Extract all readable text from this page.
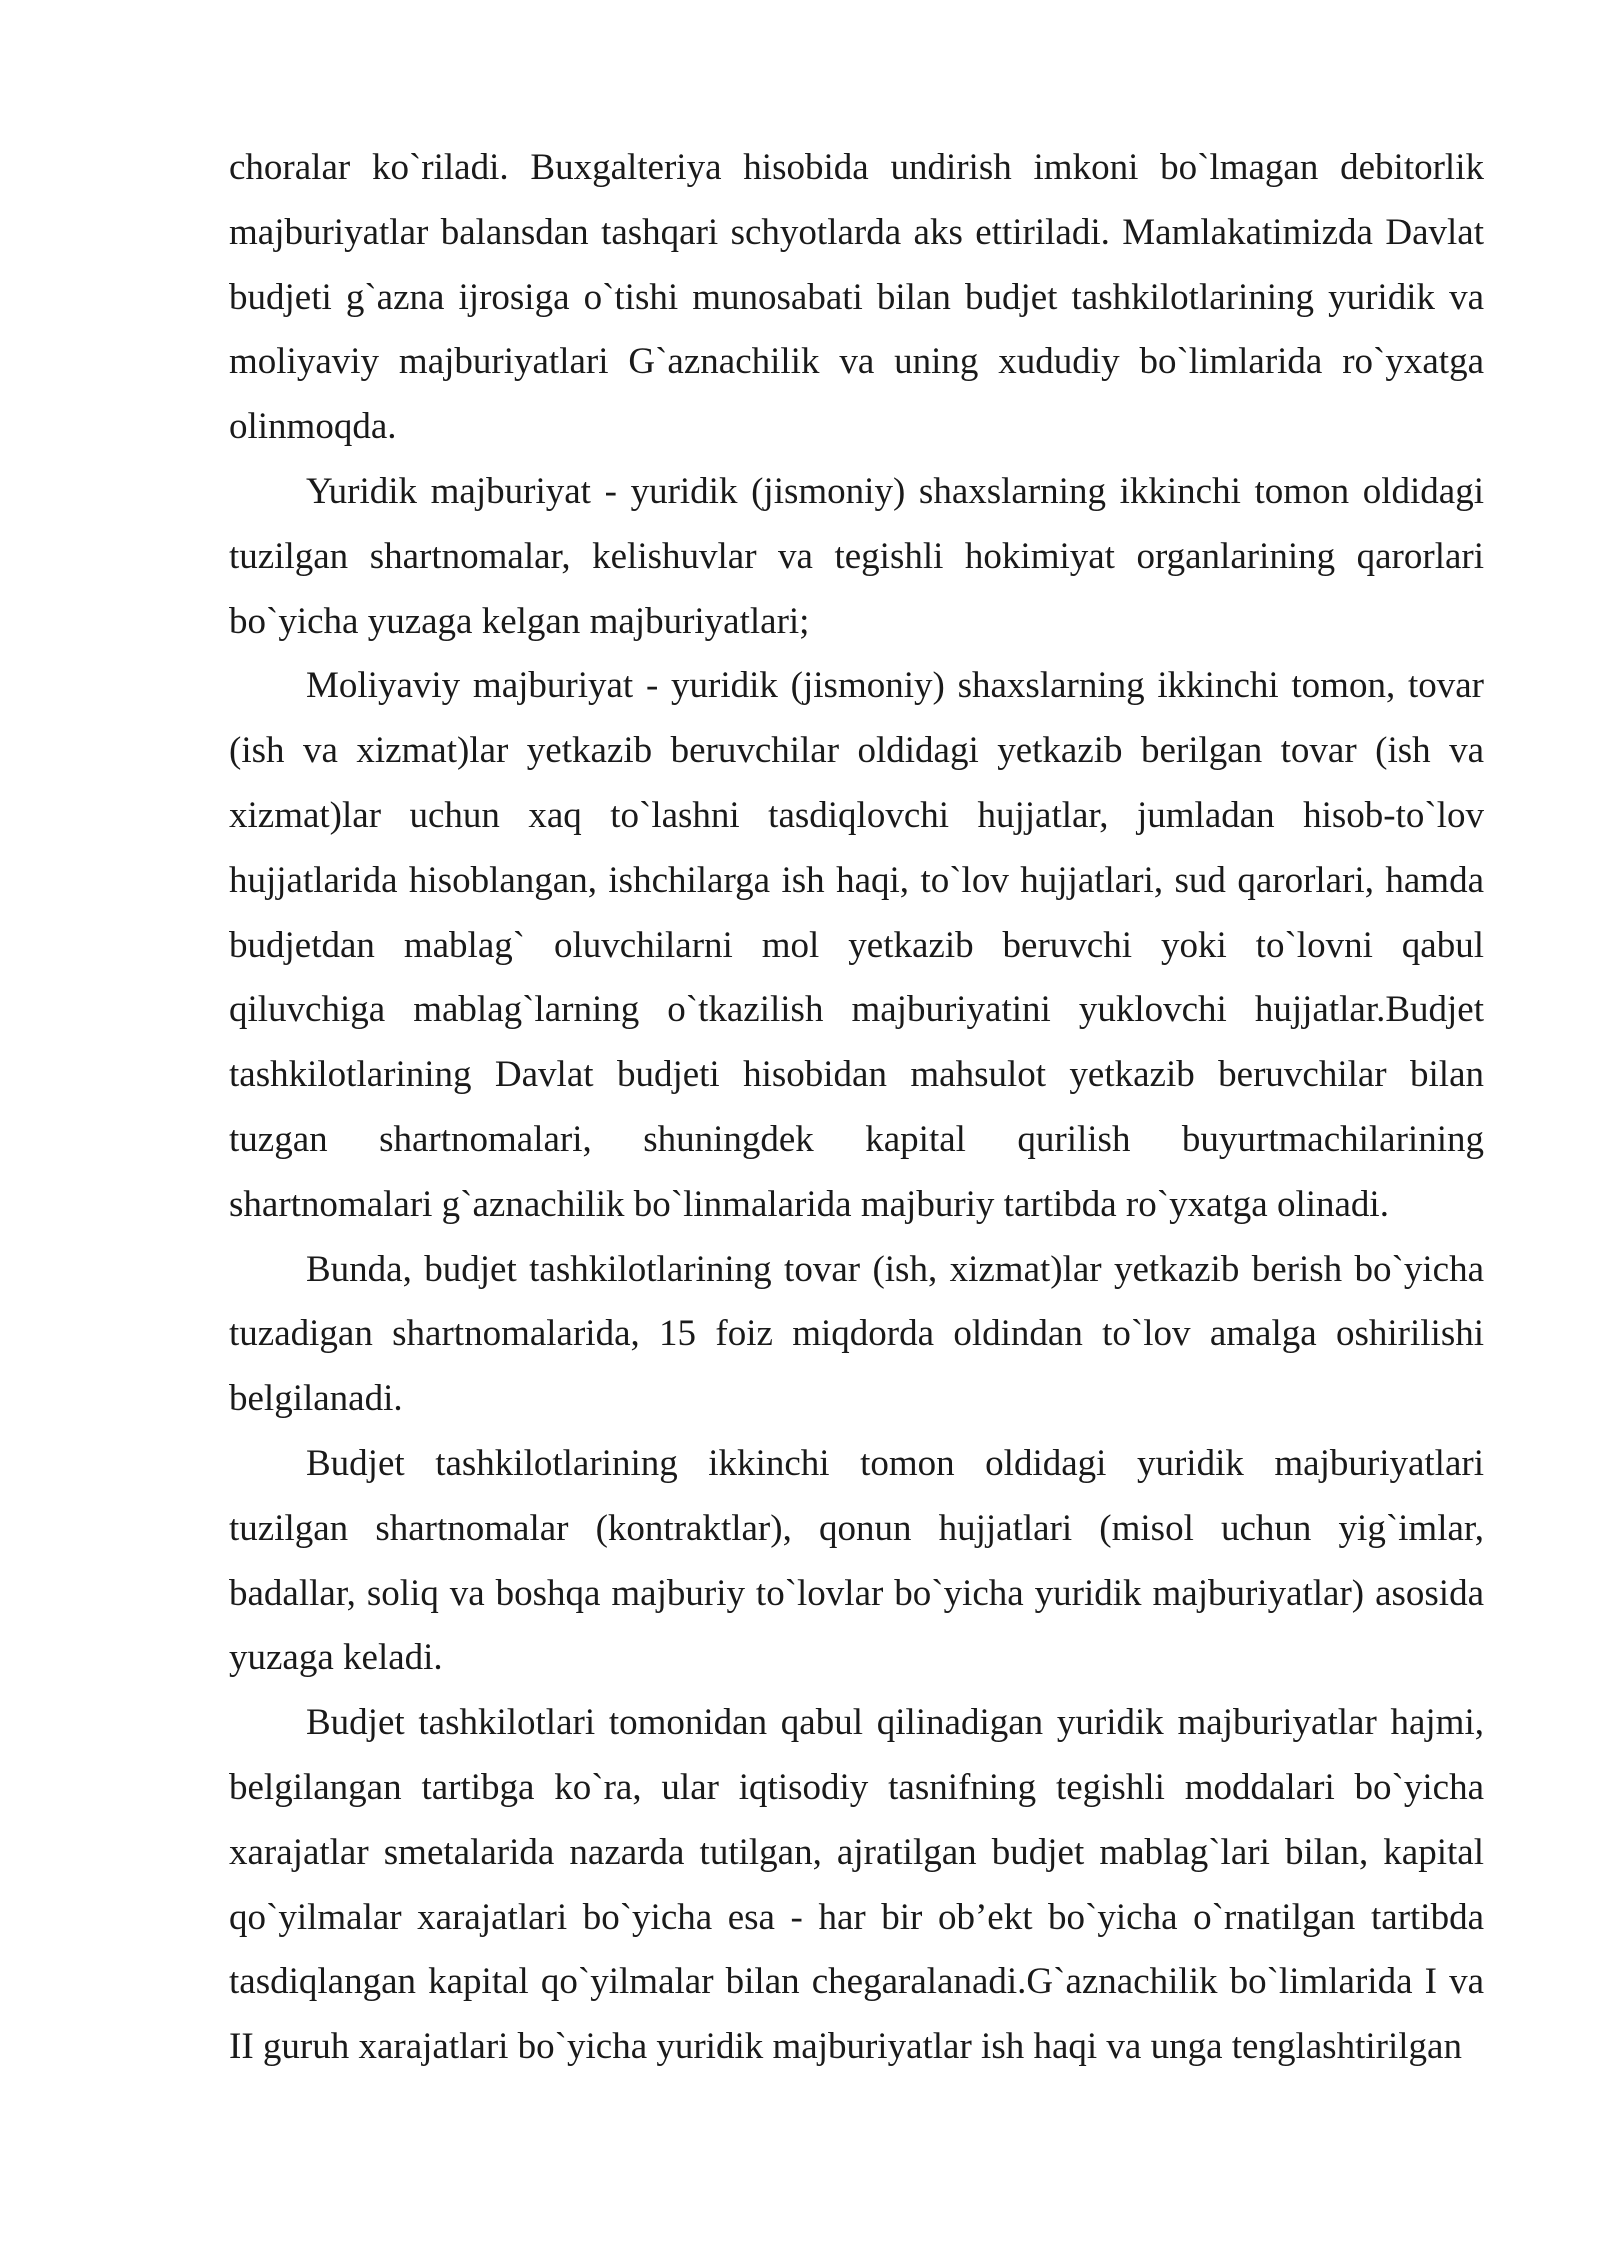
choralar ko`riladi. Buxgalteriya hisobida undirish imkoni bo`lmagan debitorlik majburiyatlar balansdan tashqari schyotlarda aks ettiriladi. Mamlakatimizda Davlat budjeti g`azna ijrosiga o`tishi munosabati bilan budjet tashkilotlarining yuridik va moliyaviy majburiyatlari G`aznachilik va uning xududiy bo`limlarida ro`yxatga olinmoqda.

Yuridik majburiyat - yuridik (jismoniy) shaxslarning ikkinchi tomon oldidagi tuzilgan shartnomalar, kelishuvlar va tegishli hokimiyat organlarining qarorlari bo`yicha yuzaga kelgan majburiyatlari;

Moliyaviy majburiyat - yuridik (jismoniy) shaxslarning ikkinchi tomon, tovar (ish va xizmat)lar yetkazib beruvchilar oldidagi yetkazib berilgan tovar (ish va xizmat)lar uchun xaq to`lashni tasdiqlovchi hujjatlar, jumladan hisob-to`lov hujjatlarida hisoblangan, ishchilarga ish haqi, to`lov hujjatlari, sud qarorlari, hamda budjetdan mablag` oluvchilarni mol yetkazib beruvchi yoki to`lovni qabul qiluvchiga mablag`larning o`tkazilish majburiyatini yuklovchi hujjatlar.Budjet tashkilotlarining Davlat budjeti hisobidan mahsulot yetkazib beruvchilar bilan tuzgan shartnomalari, shuningdek kapital qurilish buyurtmachilarining shartnomalari g`aznachilik bo`linmalarida majburiy tartibda ro`yxatga olinadi.

Bunda, budjet tashkilotlarining tovar (ish, xizmat)lar yetkazib berish bo`yicha tuzadigan shartnomalarida, 15 foiz miqdorda oldindan to`lov amalga oshirilishi belgilanadi.

Budjet tashkilotlarining ikkinchi tomon oldidagi yuridik majburiyatlari tuzilgan shartnomalar (kontraktlar), qonun hujjatlari (misol uchun yig`imlar, badallar, soliq va boshqa majburiy to`lovlar bo`yicha yuridik majburiyatlar) asosida yuzaga keladi.

Budjet tashkilotlari tomonidan qabul qilinadigan yuridik majburiyatlar hajmi, belgilangan tartibga ko`ra, ular iqtisodiy tasnifning tegishli moddalari bo`yicha xarajatlar smetalarida nazarda tutilgan, ajratilgan budjet mablag`lari bilan, kapital qo`yilmalar xarajatlari bo`yicha esa - har bir ob’ekt bo`yicha o`rnatilgan tartibda tasdiqlangan kapital qo`yilmalar bilan chegaralanadi.G`aznachilik bo`limlarida I va II guruh xarajatlari bo`yicha yuridik majburiyatlar ish haqi va unga tenglashtirilgan
